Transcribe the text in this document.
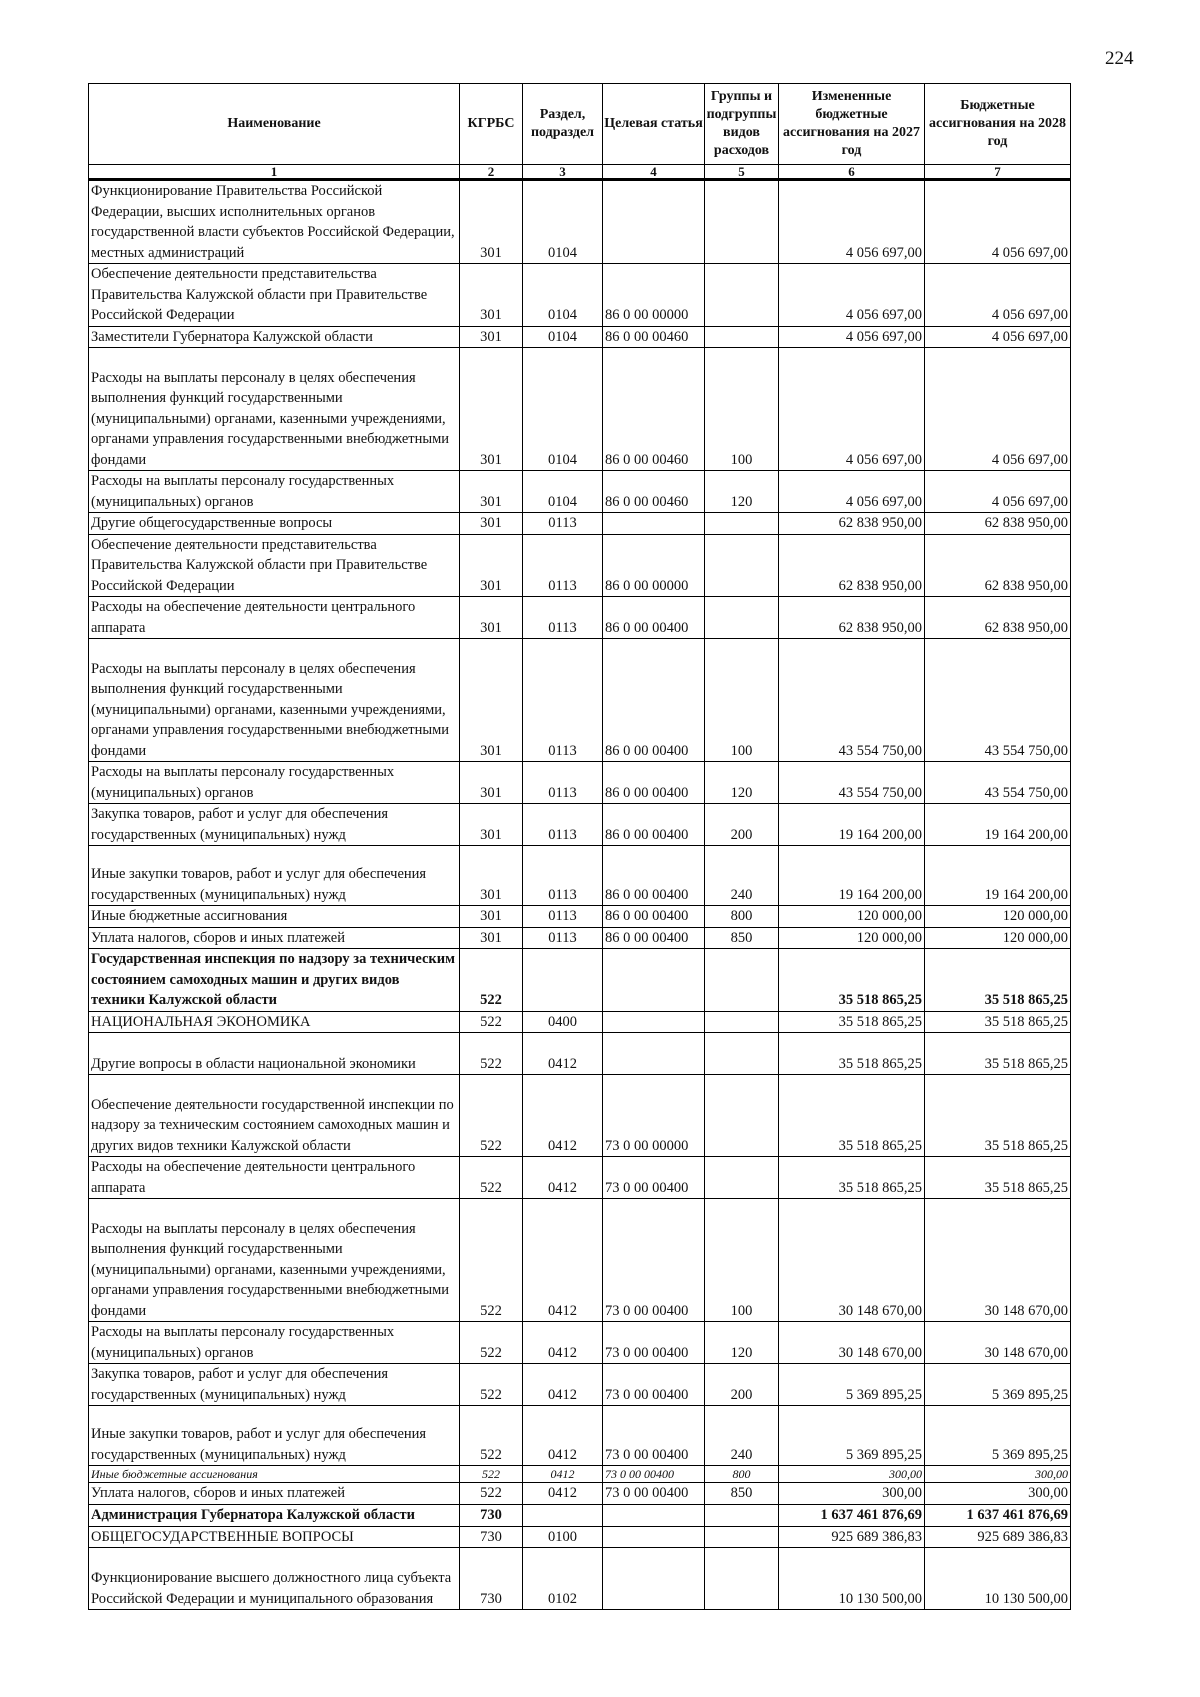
224
Наименование	КГРБС	Раздел, подраздел	Целевая статья	Группы и подгруппы видов расходов	Измененные бюджетные ассигнования на 2027 год	Бюджетные ассигнования на 2028 год
1	2	3	4	5	6	7
Функционирование Правительства Российской Федерации, высших исполнительных органов государственной власти субъектов Российской Федерации, местных администраций	301	0104			4 056 697,00	4 056 697,00
Обеспечение деятельности представительства Правительства Калужской области при Правительстве Российской Федерации	301	0104	86 0 00 00000		4 056 697,00	4 056 697,00
Заместители Губернатора Калужской области	301	0104	86 0 00 00460		4 056 697,00	4 056 697,00
Расходы на выплаты персоналу в целях обеспечения выполнения функций государственными (муниципальными) органами, казенными учреждениями, органами управления государственными внебюджетными фондами	301	0104	86 0 00 00460	100	4 056 697,00	4 056 697,00
Расходы на выплаты персоналу государственных (муниципальных) органов	301	0104	86 0 00 00460	120	4 056 697,00	4 056 697,00
Другие общегосударственные вопросы	301	0113			62 838 950,00	62 838 950,00
Обеспечение деятельности представительства Правительства Калужской области при Правительстве Российской Федерации	301	0113	86 0 00 00000		62 838 950,00	62 838 950,00
Расходы на обеспечение деятельности центрального аппарата	301	0113	86 0 00 00400		62 838 950,00	62 838 950,00
Расходы на выплаты персоналу в целях обеспечения выполнения функций государственными (муниципальными) органами, казенными учреждениями, органами управления государственными внебюджетными фондами	301	0113	86 0 00 00400	100	43 554 750,00	43 554 750,00
Расходы на выплаты персоналу государственных (муниципальных) органов	301	0113	86 0 00 00400	120	43 554 750,00	43 554 750,00
Закупка товаров, работ и услуг для обеспечения государственных (муниципальных) нужд	301	0113	86 0 00 00400	200	19 164 200,00	19 164 200,00
Иные закупки товаров, работ и услуг для обеспечения государственных (муниципальных) нужд	301	0113	86 0 00 00400	240	19 164 200,00	19 164 200,00
Иные бюджетные ассигнования	301	0113	86 0 00 00400	800	120 000,00	120 000,00
Уплата налогов, сборов и иных платежей	301	0113	86 0 00 00400	850	120 000,00	120 000,00
Государственная инспекция по надзору за техническим состоянием самоходных машин и других видов техники Калужской области	522				35 518 865,25	35 518 865,25
НАЦИОНАЛЬНАЯ ЭКОНОМИКА	522	0400			35 518 865,25	35 518 865,25
Другие вопросы в области национальной экономики	522	0412			35 518 865,25	35 518 865,25
Обеспечение деятельности государственной инспекции по надзору за техническим состоянием самоходных машин и других видов техники Калужской области	522	0412	73 0 00 00000		35 518 865,25	35 518 865,25
Расходы на обеспечение деятельности центрального аппарата	522	0412	73 0 00 00400		35 518 865,25	35 518 865,25
Расходы на выплаты персоналу в целях обеспечения выполнения функций государственными (муниципальными) органами, казенными учреждениями, органами управления государственными внебюджетными фондами	522	0412	73 0 00 00400	100	30 148 670,00	30 148 670,00
Расходы на выплаты персоналу государственных (муниципальных) органов	522	0412	73 0 00 00400	120	30 148 670,00	30 148 670,00
Закупка товаров, работ и услуг для обеспечения государственных (муниципальных) нужд	522	0412	73 0 00 00400	200	5 369 895,25	5 369 895,25
Иные закупки товаров, работ и услуг для обеспечения государственных (муниципальных) нужд	522	0412	73 0 00 00400	240	5 369 895,25	5 369 895,25
Иные бюджетные ассигнования	522	0412	73 0 00 00400	800	300,00	300,00
Уплата налогов, сборов и иных платежей	522	0412	73 0 00 00400	850	300,00	300,00
Администрация Губернатора Калужской области	730				1 637 461 876,69	1 637 461 876,69
ОБЩЕГОСУДАРСТВЕННЫЕ ВОПРОСЫ	730	0100			925 689 386,83	925 689 386,83
Функционирование высшего должностного лица субъекта Российской Федерации и муниципального образования	730	0102			10 130 500,00	10 130 500,00
